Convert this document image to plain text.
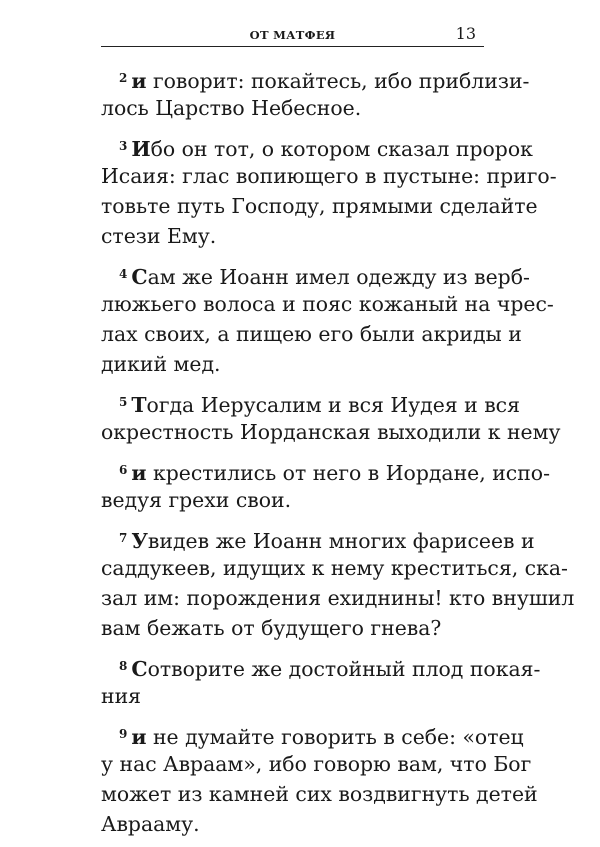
ОТ МАТФЕЯ	13
$^2$ и говорит: покайтесь, ибо приблизи-
лось Царство Небесное.
$^3$ Ибо он тот, о котором сказал пророк
Исаия: глас вопиющего в пустыне: приго-
товьте путь Господу, прямыми сделайте
стези Ему.
$^4$ Сам же Иоанн имел одежду из верб-
люжьего волоса и пояс кожаный на чрес-
лах своих, а пищею его были акриды и
дикий мед.
$^5$ Тогда Иерусалим и вся Иудея и вся
окрестность Иорданская выходили к нему
$^6$ и крестились от него в Иордане, испо-
ведуя грехи свои.
$^7$ Увидев же Иоанн многих фарисеев и
саддукеев, идущих к нему креститься, ска-
зал им: порождения ехиднины! кто внушил
вам бежать от будущего гнева?
$^8$ Сотворите же достойный плод покая-
ния
$^9$ и не думайте говорить в себе: «отец
у нас Авраам», ибо говорю вам, что Бог
может из камней сих воздвигнуть детей
Аврааму.
